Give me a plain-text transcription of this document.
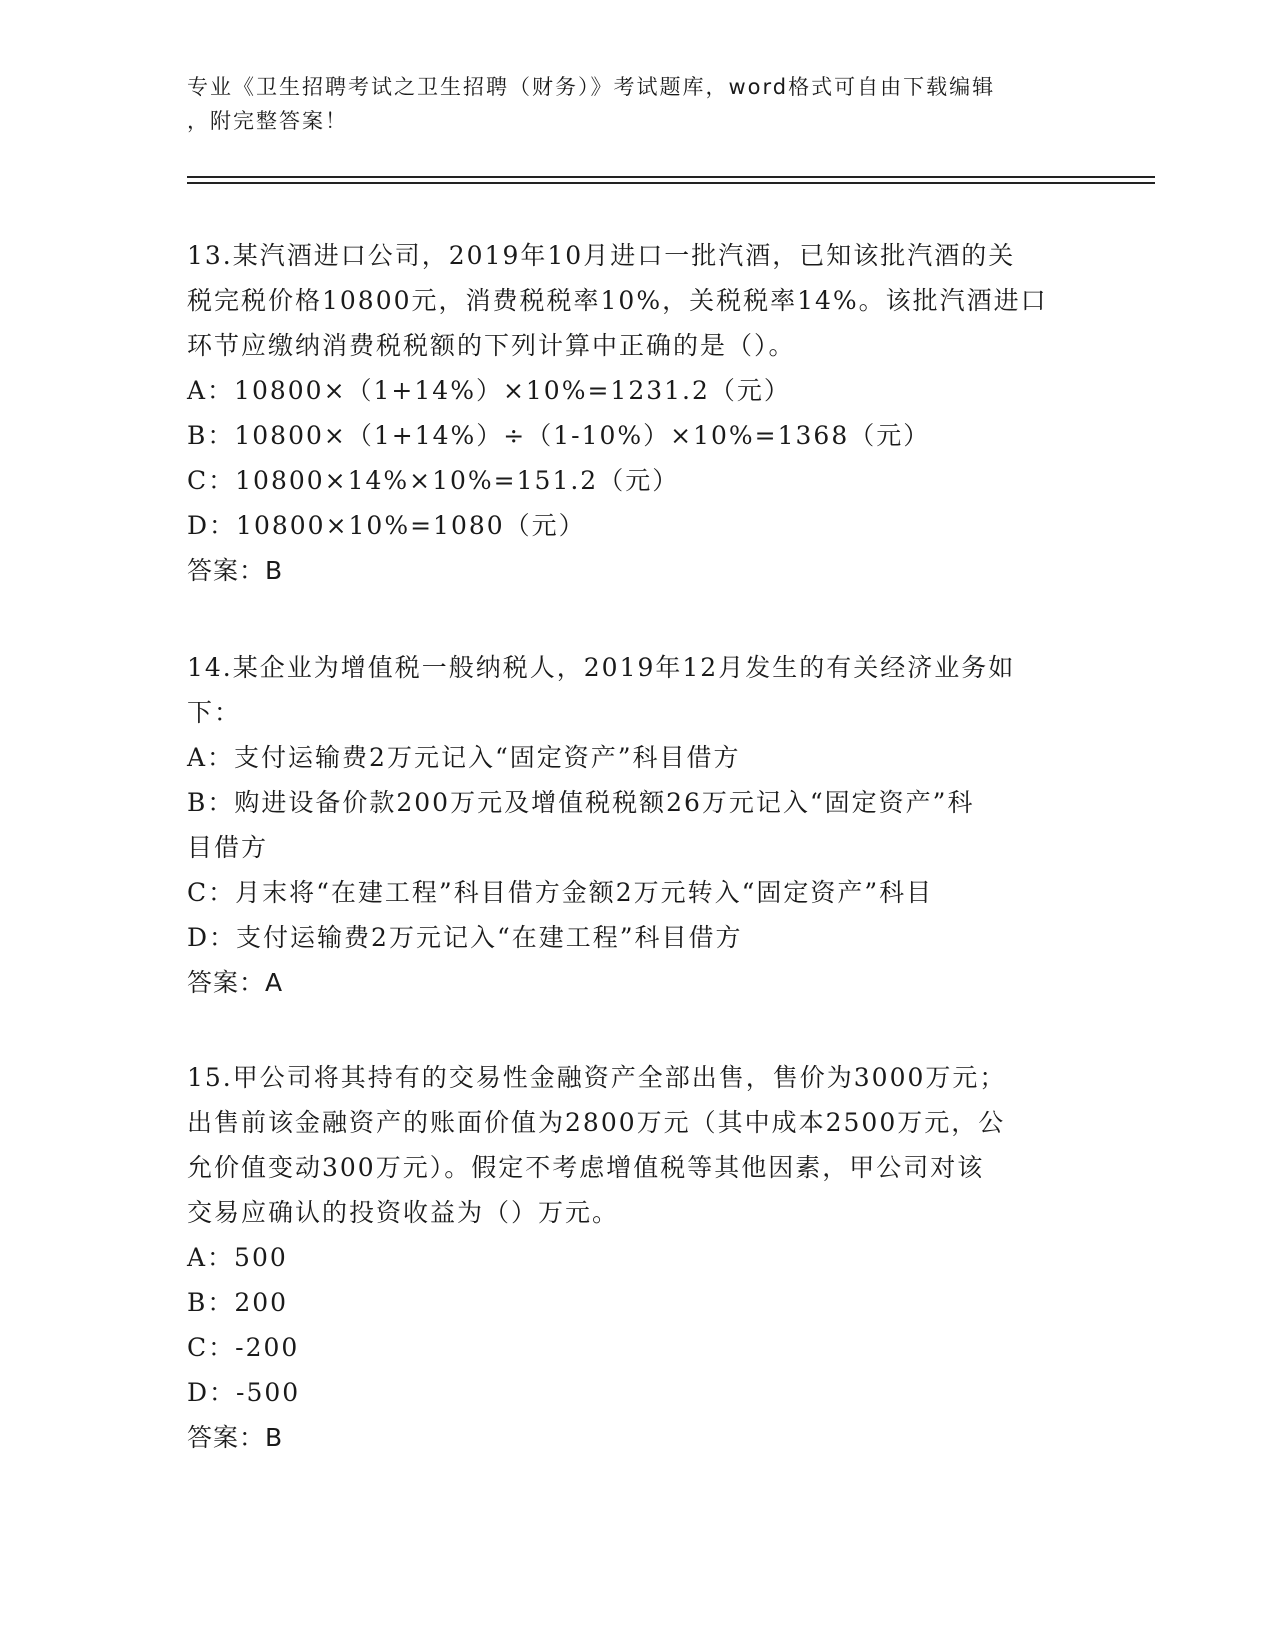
专业《卫生招聘考试之卫生招聘（财务）》考试题库，word格式可自由下载编辑
，附完整答案！
13.某汽酒进口公司，2019年10月进口一批汽酒，已知该批汽酒的关
税完税价格10800元，消费税税率10%，关税税率14%。该批汽酒进口
环节应缴纳消费税税额的下列计算中正确的是（）。
A：10800×（1+14%）×10%=1231.2（元）
B：10800×（1+14%）÷（1-10%）×10%=1368（元）
C：10800×14%×10%=151.2（元）
D：10800×10%=1080（元）
答案：B
14.某企业为增值税一般纳税人，2019年12月发生的有关经济业务如
下：
A：支付运输费2万元记入“固定资产”科目借方
B：购进设备价款200万元及增值税税额26万元记入“固定资产”科
目借方
C：月末将“在建工程”科目借方金额2万元转入“固定资产”科目
D：支付运输费2万元记入“在建工程”科目借方
答案：A
15.甲公司将其持有的交易性金融资产全部出售，售价为3000万元；
出售前该金融资产的账面价值为2800万元（其中成本2500万元，公
允价值变动300万元）。假定不考虑增值税等其他因素，甲公司对该
交易应确认的投资收益为（）万元。
A：500
B：200
C：-200
D：-500
答案：B
